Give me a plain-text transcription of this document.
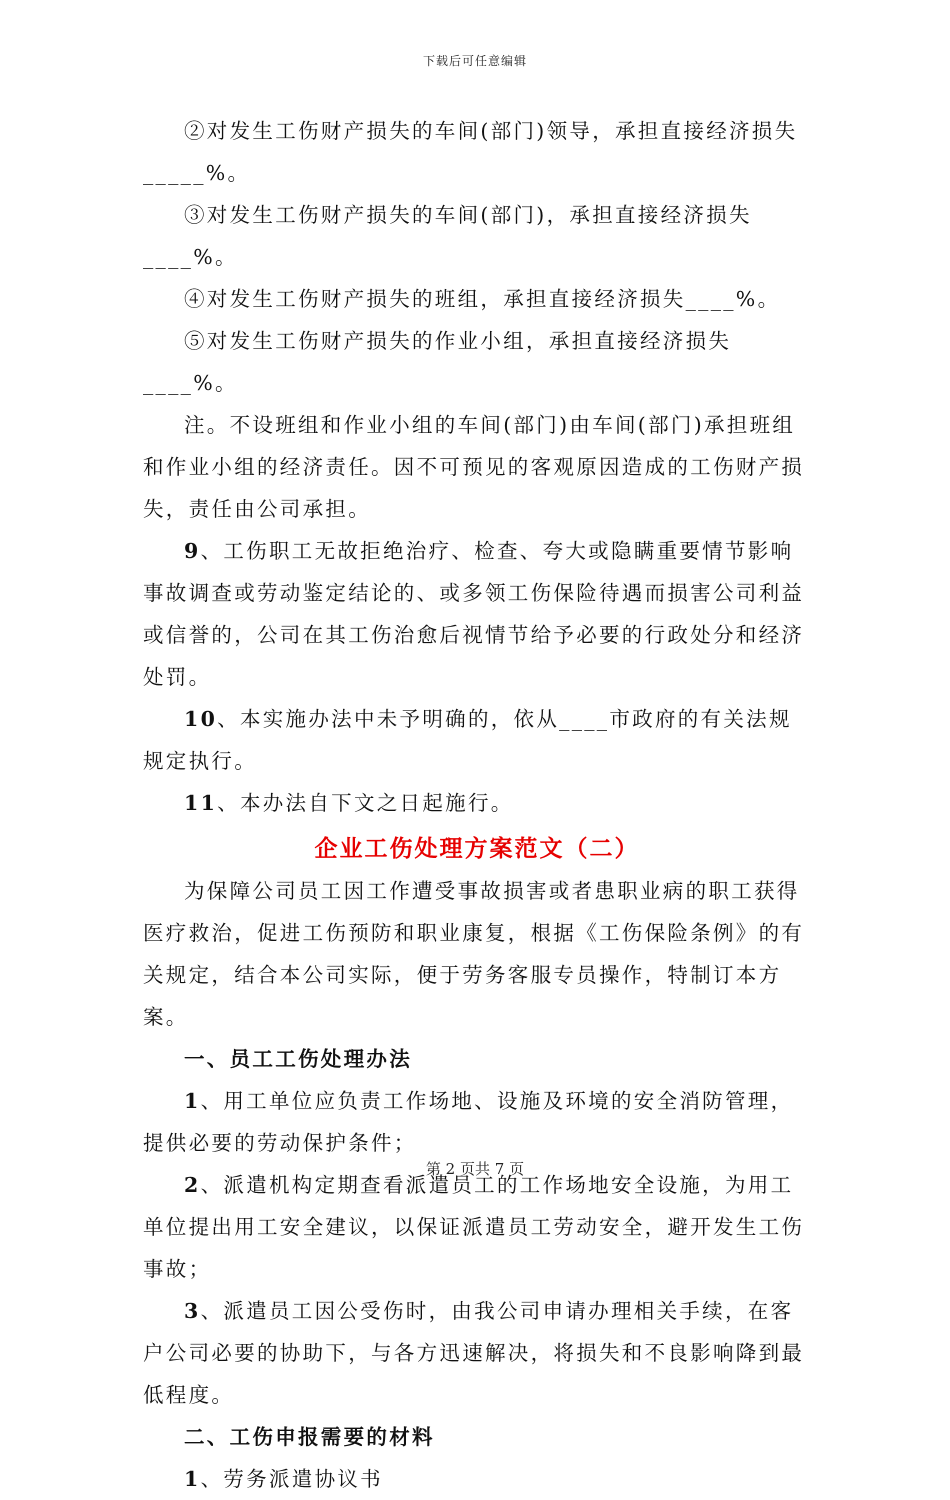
下载后可任意编辑

②对发生工伤财产损失的车间(部门)领导，承担直接经济损失_____%。

③对发生工伤财产损失的车间(部门)，承担直接经济损失____%。

④对发生工伤财产损失的班组，承担直接经济损失____%。

⑤对发生工伤财产损失的作业小组，承担直接经济损失____%。

注。不设班组和作业小组的车间(部门)由车间(部门)承担班组和作业小组的经济责任。因不可预见的客观原因造成的工伤财产损失，责任由公司承担。

9、工伤职工无故拒绝治疗、检查、夸大或隐瞒重要情节影响事故调查或劳动鉴定结论的、或多领工伤保险待遇而损害公司利益或信誉的，公司在其工伤治愈后视情节给予必要的行政处分和经济处罚。

10、本实施办法中未予明确的，依从____市政府的有关法规规定执行。

11、本办法自下文之日起施行。

企业工伤处理方案范文（二）

为保障公司员工因工作遭受事故损害或者患职业病的职工获得医疗救治，促进工伤预防和职业康复，根据《工伤保险条例》的有关规定，结合本公司实际，便于劳务客服专员操作，特制订本方案。

一、员工工伤处理办法

1、用工单位应负责工作场地、设施及环境的安全消防管理，提供必要的劳动保护条件；

2、派遣机构定期查看派遣员工的工作场地安全设施，为用工单位提出用工安全建议，以保证派遣员工劳动安全，避开发生工伤事故；

3、派遣员工因公受伤时，由我公司申请办理相关手续，在客户公司必要的协助下，与各方迅速解决，将损失和不良影响降到最低程度。

二、工伤申报需要的材料

1、劳务派遣协议书

第 2 页共 7 页
